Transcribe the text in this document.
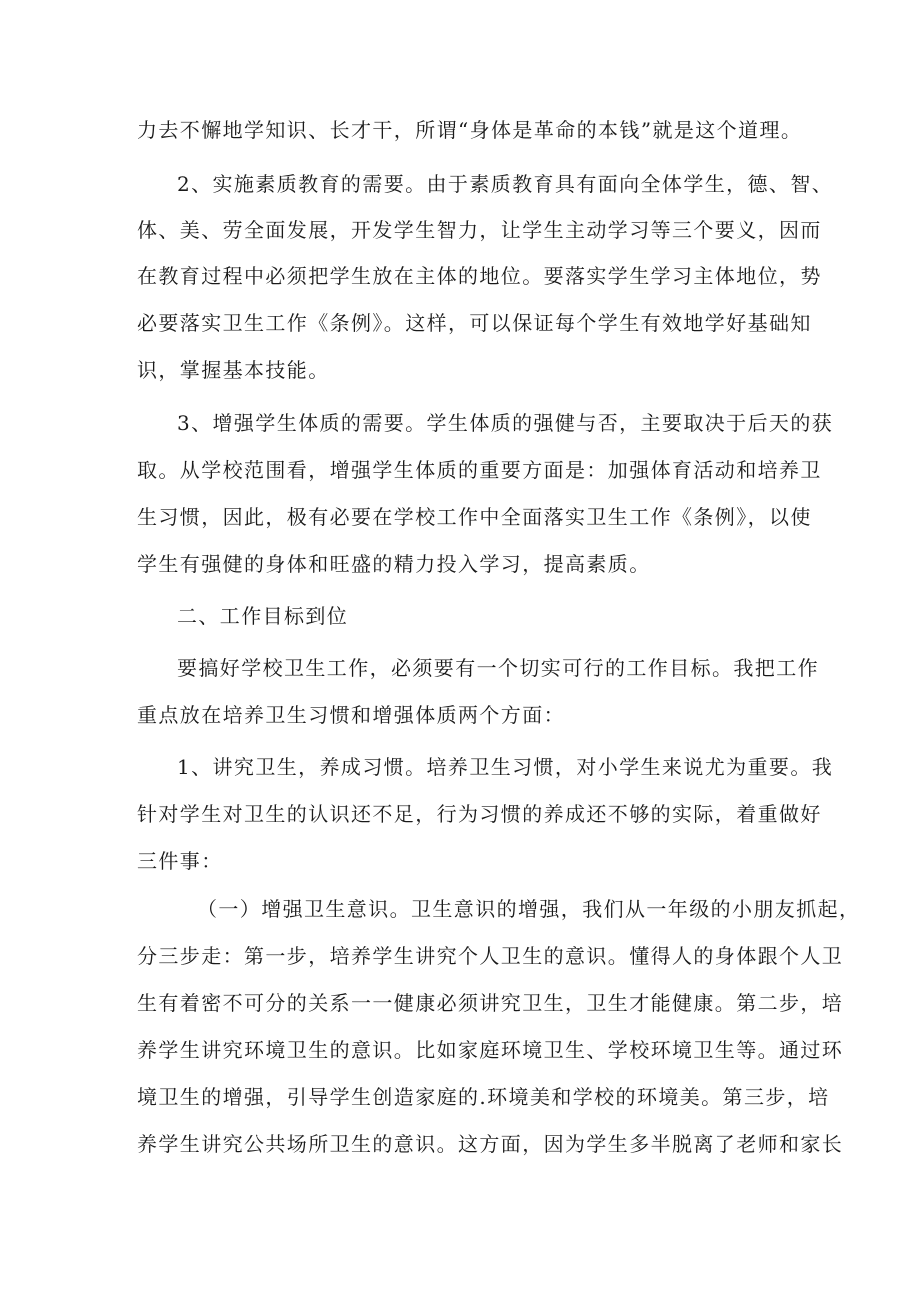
力去不懈地学知识、长才干，所谓“身体是革命的本钱”就是这个道理。
2、实施素质教育的需要。由于素质教育具有面向全体学生，德、智、
体、美、劳全面发展，开发学生智力，让学生主动学习等三个要义，因而
在教育过程中必须把学生放在主体的地位。要落实学生学习主体地位，势
必要落实卫生工作《条例》。这样，可以保证每个学生有效地学好基础知
识，掌握基本技能。
3、增强学生体质的需要。学生体质的强健与否，主要取决于后天的获
取。从学校范围看，增强学生体质的重要方面是：加强体育活动和培养卫
生习惯，因此，极有必要在学校工作中全面落实卫生工作《条例》，以使
学生有强健的身体和旺盛的精力投入学习，提高素质。
二、工作目标到位
要搞好学校卫生工作，必须要有一个切实可行的工作目标。我把工作
重点放在培养卫生习惯和增强体质两个方面：
1、讲究卫生，养成习惯。培养卫生习惯，对小学生来说尤为重要。我
针对学生对卫生的认识还不足，行为习惯的养成还不够的实际，着重做好
三件事：
（一）增强卫生意识。卫生意识的增强，我们从一年级的小朋友抓起，
分三步走：第一步，培养学生讲究个人卫生的意识。懂得人的身体跟个人卫
生有着密不可分的关系一一健康必须讲究卫生，卫生才能健康。第二步，培
养学生讲究环境卫生的意识。比如家庭环境卫生、学校环境卫生等。通过环
境卫生的增强，引导学生创造家庭的.环境美和学校的环境美。第三步，培
养学生讲究公共场所卫生的意识。这方面，因为学生多半脱离了老师和家长
